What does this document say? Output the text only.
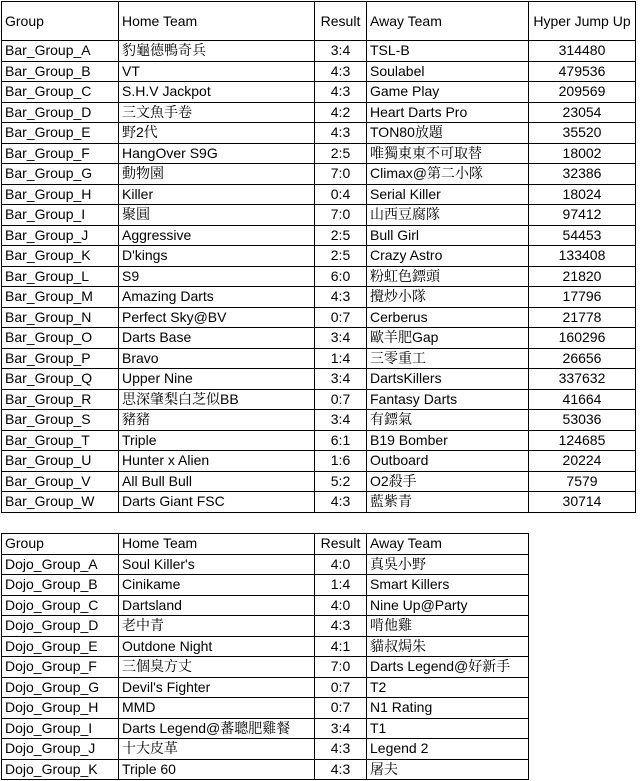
Group	Home Team	Result	Away Team	Hyper Jump Up
Bar_Group_A	豹龜德鴨奇兵	3:4	TSL-B	314480
Bar_Group_B	VT	4:3	Soulabel	479536
Bar_Group_C	S.H.V Jackpot	4:3	Game Play	209569
Bar_Group_D	三文魚手卷	4:2	Heart Darts Pro	23054
Bar_Group_E	野2代	4:3	TON80放題	35520
Bar_Group_F	HangOver S9G	2:5	唯獨東東不可取替	18002
Bar_Group_G	動物園	7:0	Climax@第二小隊	32386
Bar_Group_H	Killer	0:4	Serial Killer	18024
Bar_Group_I	聚圓	7:0	山西豆腐隊	97412
Bar_Group_J	Aggressive	2:5	Bull Girl	54453
Bar_Group_K	D'kings	2:5	Crazy Astro	133408
Bar_Group_L	S9	6:0	粉虹色鏢頭	21820
Bar_Group_M	Amazing Darts	4:3	攪炒小隊	17796
Bar_Group_N	Perfect Sky@BV	0:7	Cerberus	21778
Bar_Group_O	Darts Base	3:4	歐羊肥Gap	160296
Bar_Group_P	Bravo	1:4	三零重工	26656
Bar_Group_Q	Upper Nine	3:4	DartsKillers	337632
Bar_Group_R	思深肇梨白芝似BB	0:7	Fantasy Darts	41664
Bar_Group_S	豬豬	3:4	有鏢氣	53036
Bar_Group_T	Triple	6:1	B19 Bomber	124685
Bar_Group_U	Hunter x Alien	1:6	Outboard	20224
Bar_Group_V	All Bull Bull	5:2	O2殺手	7579
Bar_Group_W	Darts Giant FSC	4:3	藍紫青	30714
Group	Home Team	Result	Away Team
Dojo_Group_A	Soul Killer's	4:0	真吳小野
Dojo_Group_B	Cinikame	1:4	Smart Killers
Dojo_Group_C	Dartsland	4:0	Nine Up@Party
Dojo_Group_D	老中青	4:3	啃他雞
Dojo_Group_E	Outdone Night	4:1	貓叔焗朱
Dojo_Group_F	三個臭方丈	7:0	Darts Legend@好新手
Dojo_Group_G	Devil's Fighter	0:7	T2
Dojo_Group_H	MMD	0:7	N1 Rating
Dojo_Group_I	Darts Legend@蕃聰肥雞餐	3:4	T1
Dojo_Group_J	十大皮革	4:3	Legend 2
Dojo_Group_K	Triple 60	4:3	屠夫
